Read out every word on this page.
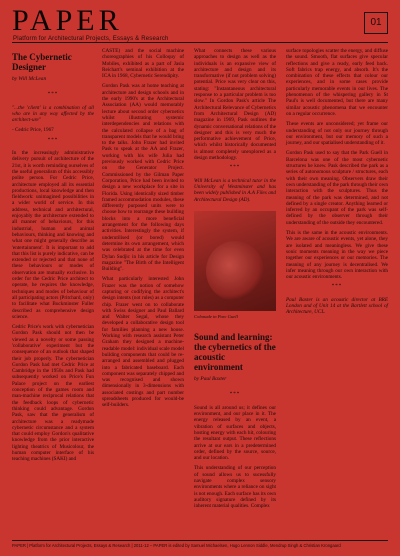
PAPER
Platform for Architectural Projects, Essays & Research
01
The Cybernetic Designer
by Will McLean
***

"...the 'client' is a combination of all who are in any way affected by the architect-ure"

- Cedric Price, 1967

***

In the increasingly administrative delivery pursuit of architecture of the 21st, it is worth reminding ourselves of the useful generalism of this accessibly polite person. For Cedric Price, architecture employed all its essential productions, local knowledge and then fieldwork: unimagined possibilities in a wider world of service. In this address, technical and architectural, enjoyably the architecture extended to all manner of behaviours, for this industrial, human and animal behaviours, thinking and knowing and what one might generally describe as 'entertainment'. It is important to add that this list is purely indicative, can be extended or rejected and that none of these behaviours or modes of observation are mutually exclusive. In order for the Cedric Price architect to operate, he requires the knowledge, techniques and modes of behaviour of all participating actors (Pritchard, only) to facilitate what Buckminster Fuller described as comprehensive design science.

Cedric Price's work with cybernetician Gordon Pask should not then be viewed as a novelty or some passing 'collaborative' experiment but the consequence of an outlook that shaped their job properly. The cybernetician Gordon Pask had met Cedric Price at Cambridge in the 1950s and Pask had subsequently worked on Price's Fun Palace project on the earliest conception of the games room and man-machine reciprocal relations that the feedback loops of cybernetic thinking could advantage. Gordon Pask, saw that the generalism of architecture was a readymade cybernetic circumstance and a system that could employ Gordon's qualitative knowledge from the prior interactive lighting theatrics of Musicolour, the human computer interface of his teaching machines (SAKI) and

CASTE) and the social machine choreographies of his Colloquy of Mobiles, exhibited as a part of Jasia Reichart's seminal exhibition at the ICA in 1968, Cybernetic Serendipity.

Gordon Pask was at home teaching at architecture and design schools and in the early 1990's at the Architectural Association (AA) would memorably lecture about second order cybernetics whilst illustrating systemic interdependencies and relations with the calculated collapse of a bag of transparent models that he would bring to the talks. John Frazer had invited Pask to speak at the AA and Frazer, working with his wife Julia had previously worked with Cedric Price on the Generator Project. Commissioned by the Gilman Paper Corporation, Price had been invited to design a new workplace for a site in Florida. Using identically sized timber framed accommodation modules, these differently purposed units were to choose how to rearrange these building blocks into a more beneficial arrangement for the following days activities. Interestingly the system, if underutilised (or bored) would determine its own arrangement, which was celebrated at the time for even Dylan Sudjic in his article for Design magazine "The Birth of the Intelligent Building".

What particularly interested John Frazer was the notion of somehow capturing or codifying the architect's design intents (not rules) as a computer chip. Frazer went on to collaborate with Swiss designer and Paul Ballard and Walter Segal, whose they developed a collaborative design tool for families planning a new house. Working with research assistant Peter Graham they designed a machine-readable model: individual scale model building components that could be re-arranged and assembled and plugged into a fabricated baseboard. Each component was separately chipped and was recognised and shown dimensionally in 3-dimensions with associated costings and part number spreadsheets produced for would-be self-builders.

What connects these various approaches to design as well as the individuals is an expansive view of architecture and design and its transformative (if not problem solving) potential. Price was very clear on this, stating: "Instantaneous architectural response to a particular problem is too slow." In Gordon Pask's article The Architectural Relevance of Cybernetics from Architectural Design (AD) magazine in 1969, Pask outlines the dynamic conversational relations of the designer and this is very much the performative achievement of Price, which whilst historically documented is almost completely unexplored as a design methodology.

***

Will McLean is a technical tutor in the University of Westminster and has been widely published in A.A Files and Architectural Design (AD).

Colonade in Parc Guell
Sound and learning: the cybernetics of the acoustic environment
by Paul Baxter
***

Sound is all around us; it defines our environment, and our place in it. The energy released by an event, a vibration of surfaces and objects, hosting energy with each hit, colouring the resultant output. These reflections arrive at our ears in a predetermined order, defined by the source, source, and our location.

This understanding of our perception of sound allows us to sucessfully navigate complex sensory environments where a reliance on sight is not enough. Each surface has its own auditory signature defined by its inherent material qualities. Complex

surface topologies scatter the energy, and diffuse the sound. Smooth, flat surfaces give specular reflections and give a ready, early feed back. Soft fabrics trap energy, and absorb. It's the combination of these effects that colour our experiences, and in some cases provide particularly memorable events in our lives. The phenomenon of the whispering gallery in St Paul's is well documented, but there are many similar acoustic phenomena that we encounter on a regular occurrence.

These events are unconsidered; yet frame our understanding of not only our journey through our environment, but our memory of such a journey, and our spatialised understanding of it.

Gordon Pask used to say that the Park Guell in Barcelona was one of the most cybernetic structures he knew. Pask described the park as a series of autonomous sculpture / structures, each with their own meaning. Observers draw their own understanding of the park through their own interaction with the sculptures. Thus the meaning of the park was determined, and not defined by a single creator. Anything learned or inferred by an occupant of the park was self-defined by the observer through their understanding of the outside they encountered.

This is the same in the acoustic environments. We are aware of acoustic events, yet alone, they are isolated and meaningless. We give these sonic moments meaning in the way we piece together our experiences or our memories. The meaning of any journey is decentralised. We infer meaning through our own interaction with our acoustic environments.

***

Paul Baxter is an acoustic director at BRE London and of Unit 14 at the Bartlett school of Architecture, UCL.

PAPER | Platform for Architectural Projects, Essays & Research | 2011-12 – PAPER is edited by Samuel Michaelsen, Hugo Lennon Siddle, Mendrup Singh & Christian Krongaard
